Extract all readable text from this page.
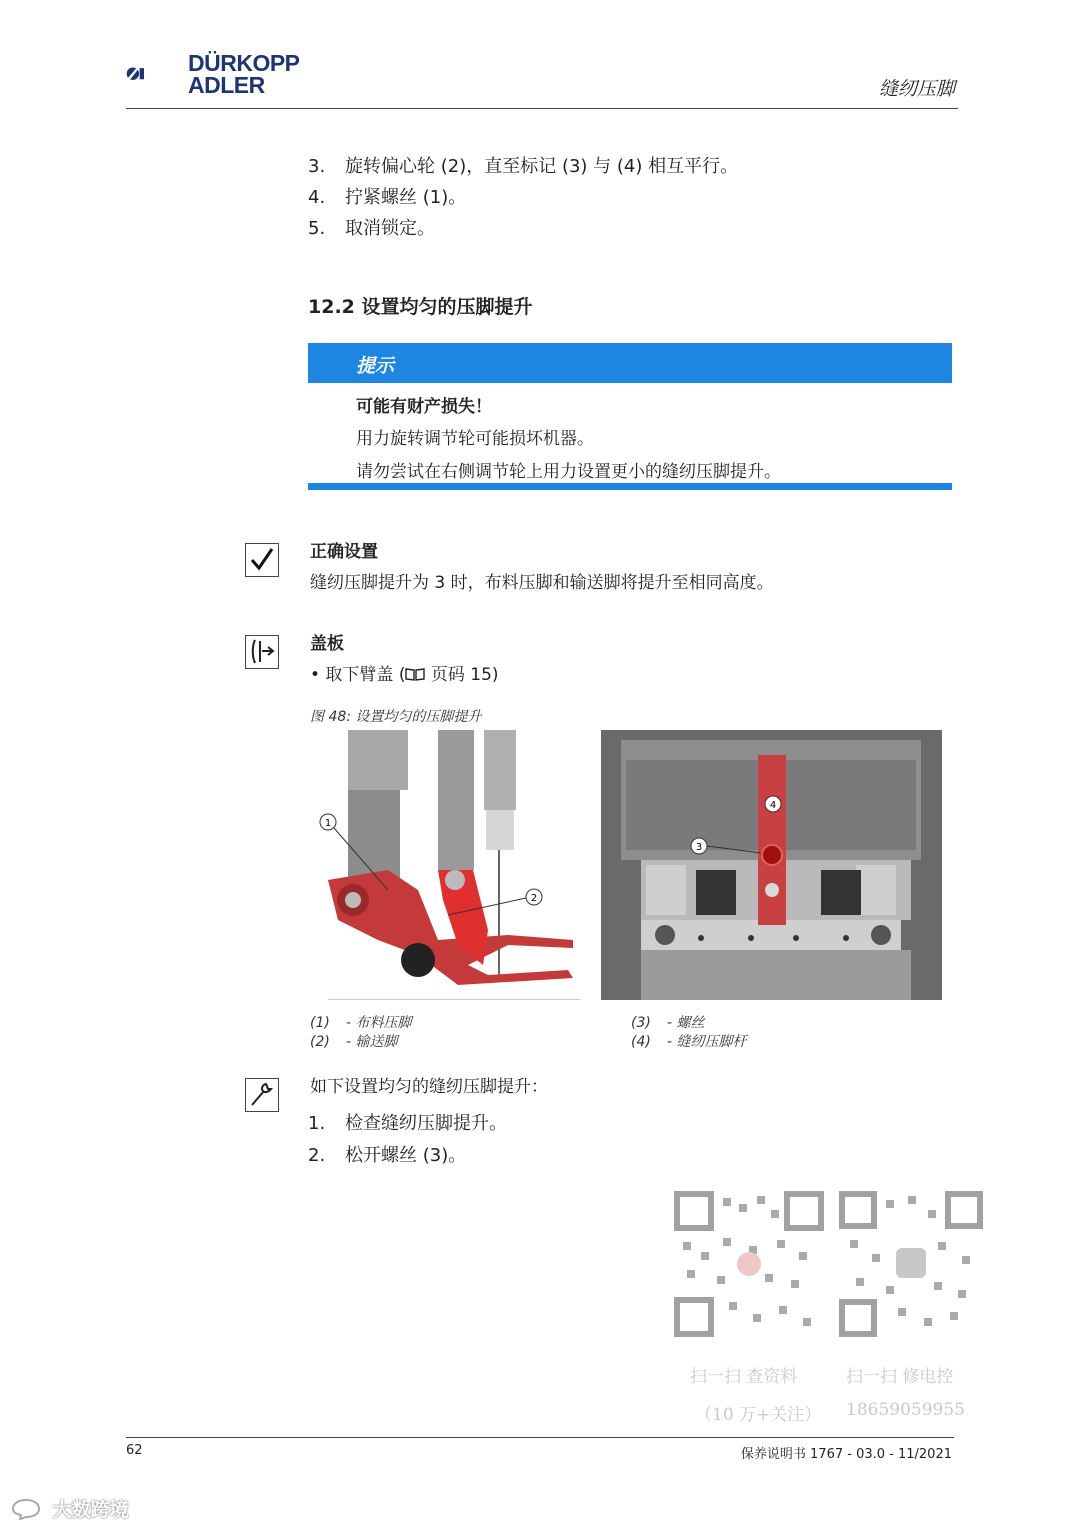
DÜRKOPP
ADLER	缝纫压脚
3. 旋转偏心轮 (2)，直至标记 (3) 与 (4) 相互平行。
4. 拧紧螺丝 (1)。
5. 取消锁定。
12.2 设置均匀的压脚提升
提示
可能有财产损失！
用力旋转调节轮可能损坏机器。
请勿尝试在右侧调节轮上用力设置更小的缝纫压脚提升。
正确设置
缝纫压脚提升为 3 时，布料压脚和输送脚将提升至相同高度。
盖板
• 取下臂盖 ( 页码 15)
图 48: 设置均匀的压脚提升
1
2
4
3
(1) - 布料压脚
(2) - 输送脚
(3) - 螺丝
(4) - 缝纫压脚杆
如下设置均匀的缝纫压脚提升：
1. 检查缝纫压脚提升。
2. 松开螺丝 (3)。
扫一扫 查资料
（10 万+关注）
扫一扫 修电控
18659059955
62	保养说明书 1767 - 03.0 - 11/2021
大数跨境
